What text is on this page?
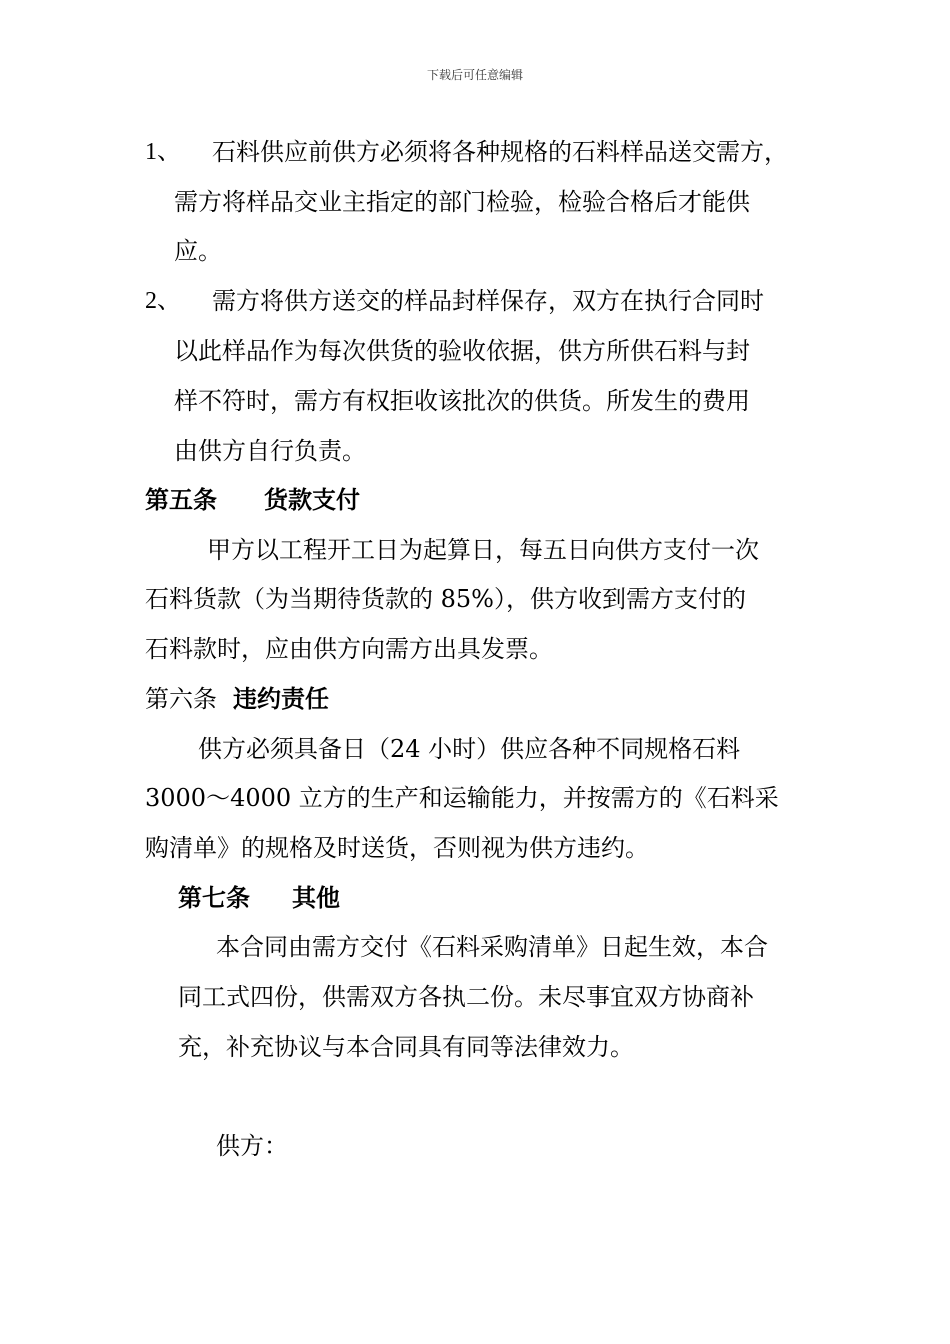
下载后可任意编辑
1、 石料供应前供方必须将各种规格的石料样品送交需方，
需方将样品交业主指定的部门检验，检验合格后才能供
应。
2、 需方将供方送交的样品封样保存，双方在执行合同时
以此样品作为每次供货的验收依据，供方所供石料与封
样不符时，需方有权拒收该批次的供货。所发生的费用
由供方自行负责。
第五条 货款支付
甲方以工程开工日为起算日，每五日向供方支付一次
石料货款（为当期待货款的 85%），供方收到需方支付的
石料款时，应由供方向需方出具发票。
第六条 违约责任
供方必须具备日（24 小时）供应各种不同规格石料
3000～4000 立方的生产和运输能力，并按需方的《石料采
购清单》的规格及时送货，否则视为供方违约。
第七条 其他
本合同由需方交付《石料采购清单》日起生效，本合
同工式四份，供需双方各执二份。未尽事宜双方协商补
充，补充协议与本合同具有同等法律效力。
供方：
